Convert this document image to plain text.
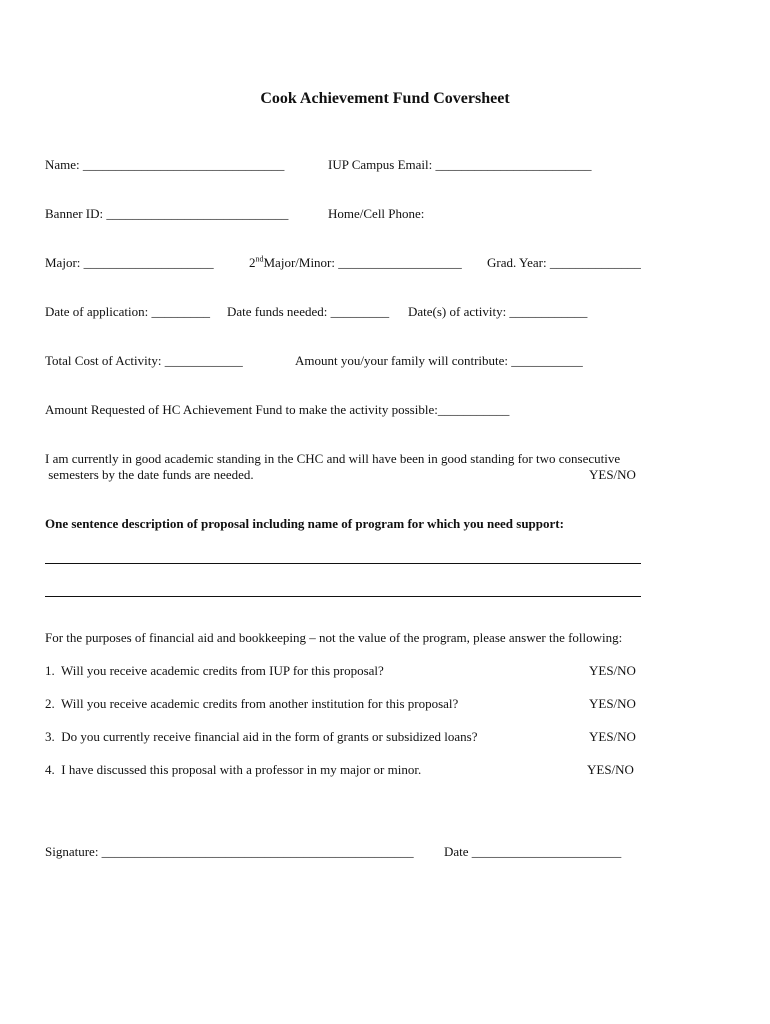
Cook Achievement Fund Coversheet
Name: _______________________________	IUP Campus Email: ________________________
Banner ID: ____________________________	Home/Cell Phone:
Major: ____________________	2ndMajor/Minor: ___________________ Grad. Year: ______________
Date of application: _________ Date funds needed: _________ Date(s) of activity: ____________
Total Cost of Activity: ____________	Amount you/your family will contribute: ___________
Amount Requested of HC Achievement Fund to make the activity possible:___________
I am currently in good academic standing in the CHC and will have been in good standing for two consecutive
semesters by the date funds are needed.	YES/NO
One sentence description of proposal including name of program for which you need support:
For the purposes of financial aid and bookkeeping – not the value of the program, please answer the following:
1.  Will you receive academic credits from IUP for this proposal?	YES/NO
2.  Will you receive academic credits from another institution for this proposal?	YES/NO
3.  Do you currently receive financial aid in the form of grants or subsidized loans?	YES/NO
4.  I have discussed this proposal with a professor in my major or minor.	YES/NO
Signature: ________________________________________________ Date _______________________
